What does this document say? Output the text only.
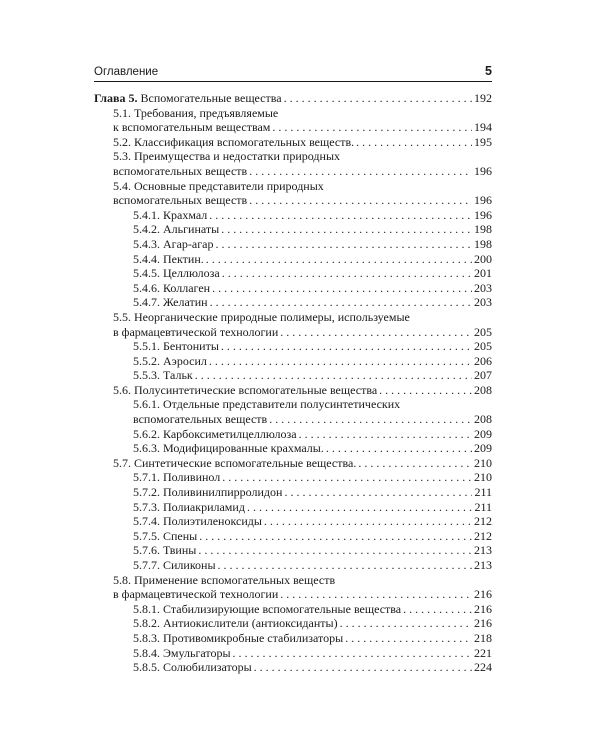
Оглавление	5
Глава 5. Вспомогательные вещества . . .	192
5.1. Требования, предъявляемые
к вспомогательным веществам . . .	194
5.2. Классификация вспомогательных веществ. . . .	195
5.3. Преимущества и недостатки природных
вспомогательных веществ . . .	196
5.4. Основные представители природных
вспомогательных веществ . . .	196
5.4.1. Крахмал . . .	196
5.4.2. Альгинаты . . .	198
5.4.3. Агар-агар . . .	198
5.4.4. Пектин. . . .	200
5.4.5. Целлюлоза . . .	201
5.4.6. Коллаген . . .	203
5.4.7. Желатин . . .	203
5.5. Неорганические природные полимеры, используемые
в фармацевтической технологии . . .	205
5.5.1. Бентониты . . .	205
5.5.2. Аэросил . . .	206
5.5.3. Тальк . . .	207
5.6. Полусинтетические вспомогательные вещества . . .	208
5.6.1. Отдельные представители полусинтетических
вспомогательных веществ . . .	208
5.6.2. Карбоксиметилцеллюлоза . . .	209
5.6.3. Модифицированные крахмалы. . . .	209
5.7. Синтетические вспомогательные вещества. . . .	210
5.7.1. Поливинол . . .	210
5.7.2. Поливинилпирролидон . . .	211
5.7.3. Полиакриламид . . .	211
5.7.4. Полиэтиленоксиды . . .	212
5.7.5. Спены . . .	212
5.7.6. Твины . . .	213
5.7.7. Силиконы . . .	213
5.8. Применение вспомогательных веществ
в фармацевтической технологии . . .	216
5.8.1. Стабилизирующие вспомогательные вещества . . .	216
5.8.2. Антиокислители (антиоксиданты) . . .	216
5.8.3. Противомикробные стабилизаторы . . .	218
5.8.4. Эмульгаторы . . .	221
5.8.5. Солюбилизаторы . . .	224
